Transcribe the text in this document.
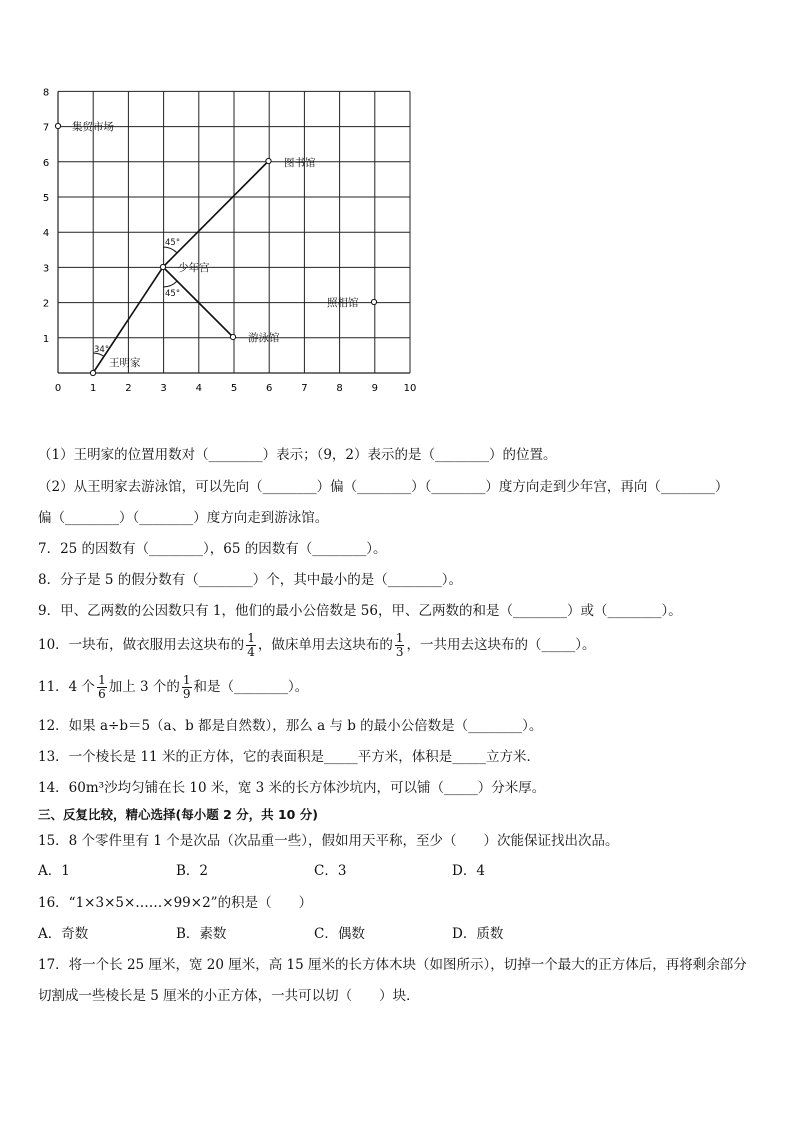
0	1	2	3	4	5	6	7	8	9	10
1
2
3
4
5
6
7
8
集贸市场
图书馆
少年宫
照相馆
游泳馆
王明家
34°
45°
45°
（1）王明家的位置用数对（________）表示；（9，2）表示的是（________）的位置。
（2）从王明家去游泳馆，可以先向（________）偏（________）（________）度方向走到少年宫，再向（________）
偏（________）（________）度方向走到游泳馆。
7．25 的因数有（________），65 的因数有（________）。
8．分子是 5 的假分数有（________）个，其中最小的是（________）。
9．甲、乙两数的公因数只有 1，他们的最小公倍数是 56，甲、乙两数的和是（________）或（________）。
10．一块布，做衣服用去这块布的 $\frac{1}{4}$ ，做床单用去这块布的 $\frac{1}{3}$ ，一共用去这块布的（_____）。
11．4 个 $\frac{1}{6}$ 加上 3 个的 $\frac{1}{9}$ 和是（________）。
12．如果 a÷b＝5（a、b 都是自然数），那么 a 与 b 的最小公倍数是（________）。
13．一个棱长是 11 米的正方体，它的表面积是_____平方米，体积是_____立方米．
14．60m³沙均匀铺在长 10 米，宽 3 米的长方体沙坑内，可以铺（_____）分米厚。
三、反复比较，精心选择(每小题 2 分，共 10 分)
15．8 个零件里有 1 个是次品（次品重一些），假如用天平称，至少（　　）次能保证找出次品。
A．1	B．2	C．3	D．4
16．“1×3×5×……×99×2”的积是（　　）
A．奇数	B．素数	C．偶数	D．质数
17．将一个长 25 厘米，宽 20 厘米，高 15 厘米的长方体木块（如图所示），切掉一个最大的正方体后，再将剩余部分
切割成一些棱长是 5 厘米的小正方体，一共可以切（　　）块．
